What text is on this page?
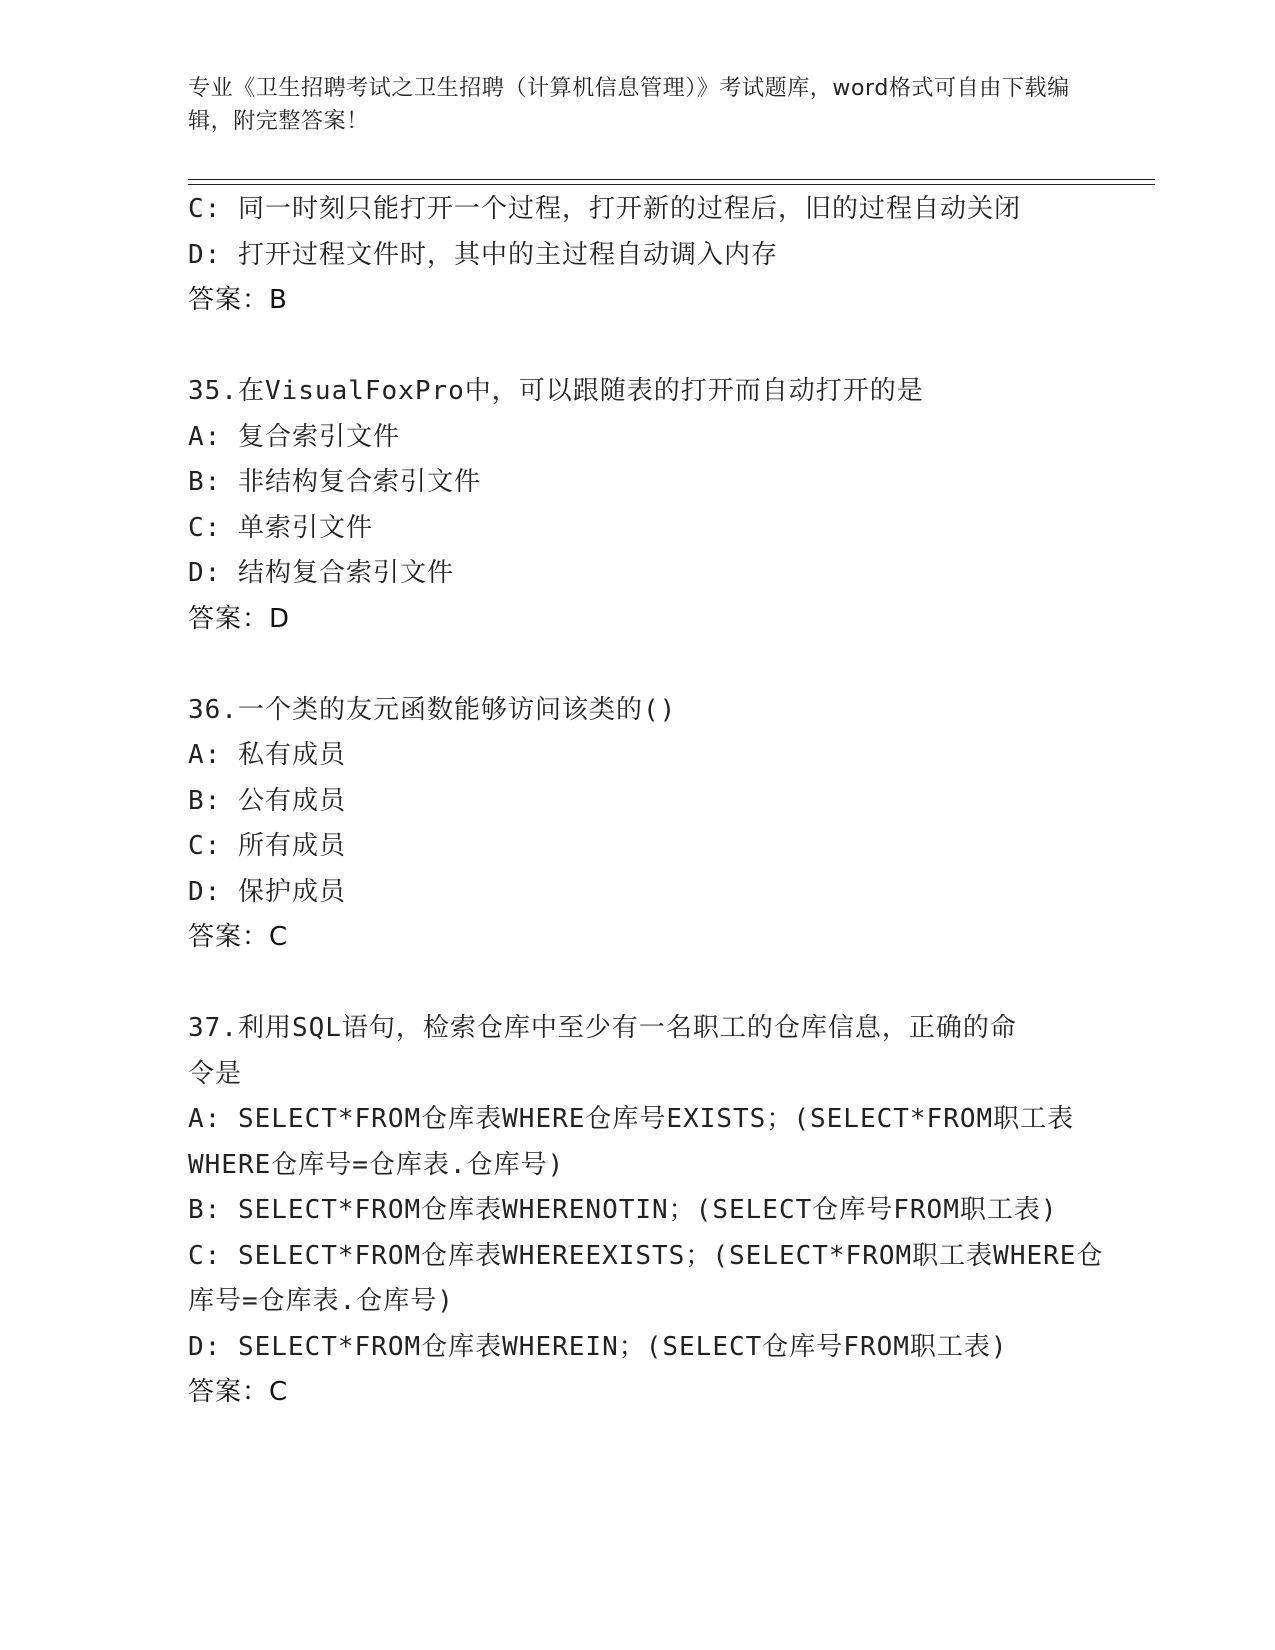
专业《卫生招聘考试之卫生招聘（计算机信息管理）》考试题库，word格式可自由下载编辑，附完整答案！
C: 同一时刻只能打开一个过程，打开新的过程后，旧的过程自动关闭
D: 打开过程文件时，其中的主过程自动调入内存
答案：B
35.在VisualFoxPro中，可以跟随表的打开而自动打开的是
A: 复合索引文件
B: 非结构复合索引文件
C: 单索引文件
D: 结构复合索引文件
答案：D
36.一个类的友元函数能够访问该类的()
A: 私有成员
B: 公有成员
C: 所有成员
D: 保护成员
答案：C
37.利用SQL语句，检索仓库中至少有一名职工的仓库信息，正确的命
令是
A: SELECT*FROM仓库表WHERE仓库号EXISTS；(SELECT*FROM职工表
WHERE仓库号=仓库表.仓库号)
B: SELECT*FROM仓库表WHERENOTIN；(SELECT仓库号FROM职工表)
C: SELECT*FROM仓库表WHEREEXISTS；(SELECT*FROM职工表WHERE仓
库号=仓库表.仓库号)
D: SELECT*FROM仓库表WHEREIN；(SELECT仓库号FROM职工表)
答案：C
